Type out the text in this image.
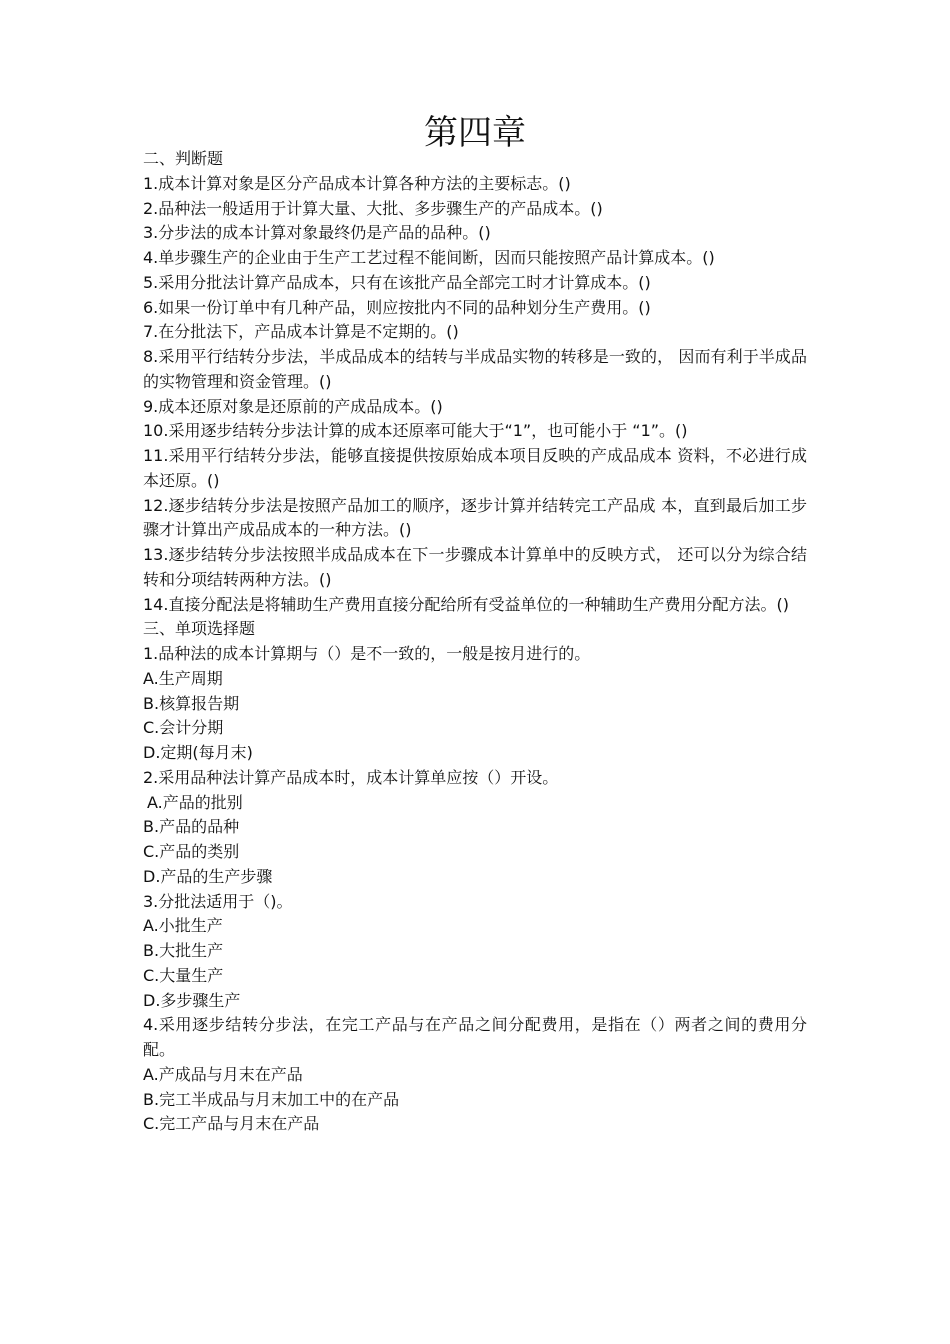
第四章

二、判断题

1.成本计算对象是区分产品成本计算各种方法的主要标志。()

2.品种法一般适用于计算大量、大批、多步骤生产的产品成本。()

3.分步法的成本计算对象最终仍是产品的品种。()

4.单步骤生产的企业由于生产工艺过程不能间断，因而只能按照产品计算成本。()

5.采用分批法计算产品成本，只有在该批产品全部完工时才计算成本。()

6.如果一份订单中有几种产品，则应按批内不同的品种划分生产费用。()

7.在分批法下，产品成本计算是不定期的。()

8.采用平行结转分步法，半成品成本的结转与半成品实物的转移是一致的， 因而有利于半成品的实物管理和资金管理。()

9.成本还原对象是还原前的产成品成本。()

10.采用逐步结转分步法计算的成本还原率可能大于“1”，也可能小于 “1”。()

11.采用平行结转分步法，能够直接提供按原始成本项目反映的产成品成本 资料，不必进行成本还原。()

12.逐步结转分步法是按照产品加工的顺序，逐步计算并结转完工产品成 本，直到最后加工步骤才计算出产成品成本的一种方法。()

13.逐步结转分步法按照半成品成本在下一步骤成本计算单中的反映方式， 还可以分为综合结转和分项结转两种方法。()

14.直接分配法是将辅助生产费用直接分配给所有受益单位的一种辅助生产费用分配方法。()

三、单项选择题

1.品种法的成本计算期与（）是不一致的，一般是按月进行的。

A.生产周期

B.核算报告期

C.会计分期

D.定期(每月末)

2.采用品种法计算产品成本时，成本计算单应按（）开设。

A.产品的批别

B.产品的品种

C.产品的类别

D.产品的生产步骤

3.分批法适用于（)。

A.小批生产

B.大批生产

C.大量生产

D.多步骤生产

4.采用逐步结转分步法，在完工产品与在产品之间分配费用，是指在（）两者之间的费用分配。

A.产成品与月末在产品

B.完工半成品与月末加工中的在产品

C.完工产品与月末在产品
